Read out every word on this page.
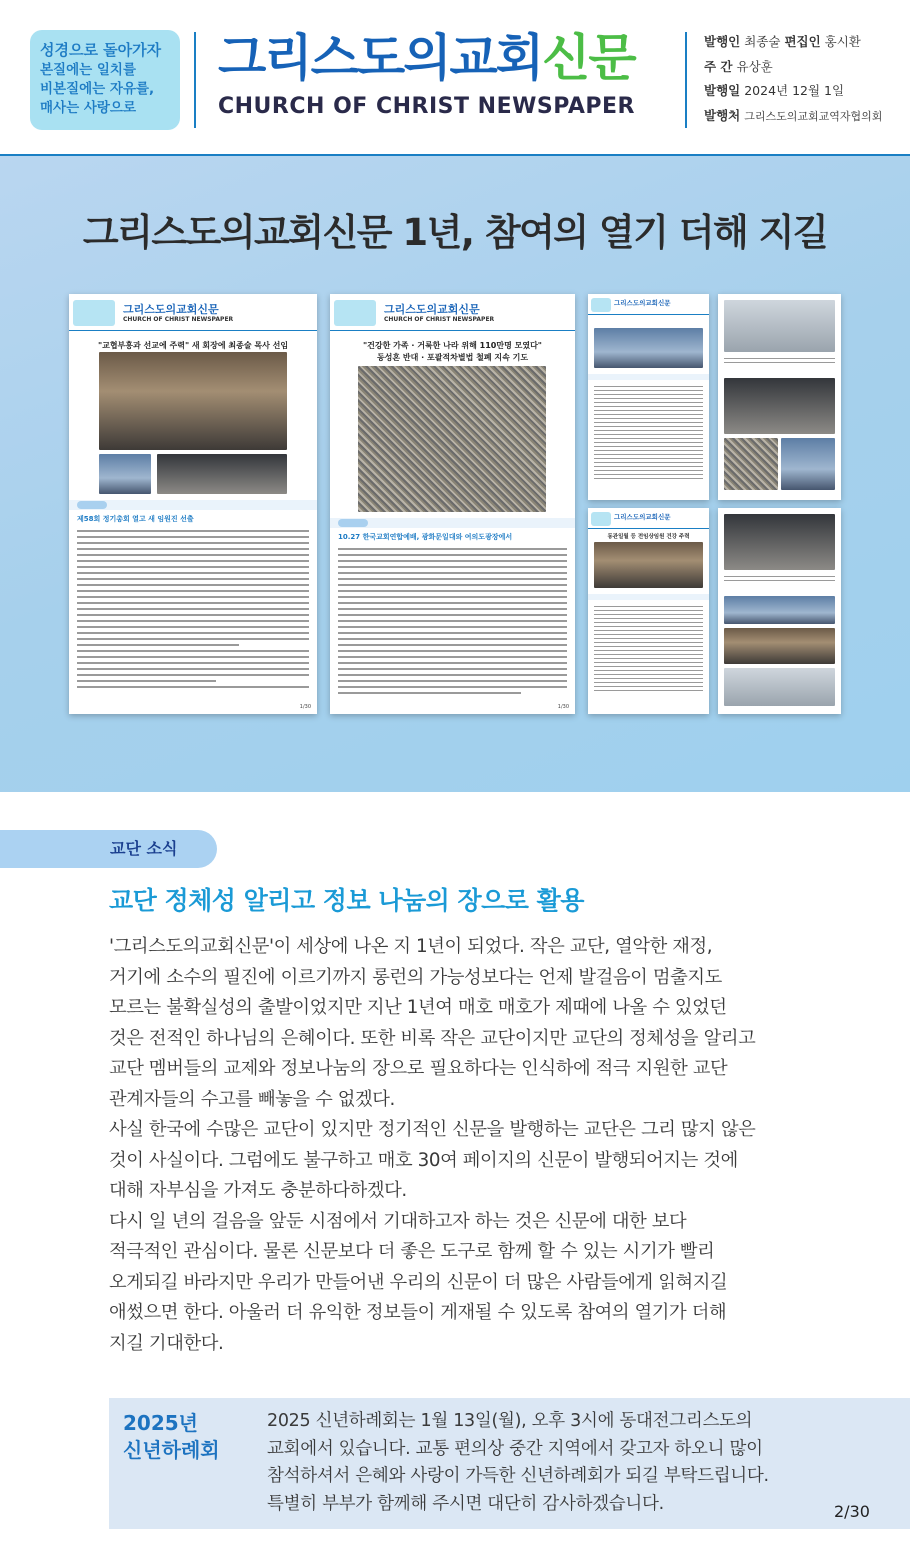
성경으로 돌아가자
본질에는 일치를
비본질에는 자유를,
매사는 사랑으로
그리스도의교회신문
CHURCH OF CHRIST NEWSPAPER
발행인 최종술 편집인 홍시환
주 간 유상훈
발행일 2024년 12월 1일
발행처 그리스도의교회교역자협의회
그리스도의교회신문 1년, 참여의 열기 더해 지길
그리스도의교회신문
CHURCH OF CHRIST NEWSPAPER
"교협부흥과 선교에 주력" 새 회장에 최종술 목사 선임
제58회 정기총회 열고 새 임원진 선출
1/30
그리스도의교회신문
CHURCH OF CHRIST NEWSPAPER
"건강한 가족 · 거룩한 나라 위해 110만명 모였다"
동성혼 반대 · 포괄적차별법 철폐 지속 기도
10.27 한국교회연합예배, 광화문일대와 여의도광장에서
1/30
그리스도의교회신문
그리스도의교회신문
동관일월 등 전임상임원 건강 주력
교단 소식
교단 정체성 알리고 정보 나눔의 장으로 활용

'그리스도의교회신문'이 세상에 나온 지 1년이 되었다. 작은 교단, 열악한 재정,

거기에 소수의 필진에 이르기까지 롱런의 가능성보다는 언제 발걸음이 멈출지도

모르는 불확실성의 출발이었지만 지난 1년여 매호 매호가 제때에 나올 수 있었던

것은 전적인 하나님의 은혜이다. 또한 비록 작은 교단이지만 교단의 정체성을 알리고

교단 멤버들의 교제와 정보나눔의 장으로 필요하다는 인식하에 적극 지원한 교단

관계자들의 수고를 빼놓을 수 없겠다.

사실 한국에 수많은 교단이 있지만 정기적인 신문을 발행하는 교단은 그리 많지 않은

것이 사실이다. 그럼에도 불구하고 매호 30여 페이지의 신문이 발행되어지는 것에

대해 자부심을 가져도 충분하다하겠다.

다시 일 년의 걸음을 앞둔 시점에서 기대하고자 하는 것은 신문에 대한 보다

적극적인 관심이다. 물론 신문보다 더 좋은 도구로 함께 할 수 있는 시기가 빨리

오게되길 바라지만 우리가 만들어낸 우리의 신문이 더 많은 사람들에게 읽혀지길

애썼으면 한다. 아울러 더 유익한 정보들이 게재될 수 있도록 참여의 열기가 더해

지길 기대한다.

2025년
신년하례회

2025 신년하례회는 1월 13일(월), 오후 3시에 동대전그리스도의

교회에서 있습니다. 교통 편의상 중간 지역에서 갖고자 하오니 많이

참석하셔서 은혜와 사랑이 가득한 신년하례회가 되길 부탁드립니다.

특별히 부부가 함께해 주시면 대단히 감사하겠습니다.	2/30
